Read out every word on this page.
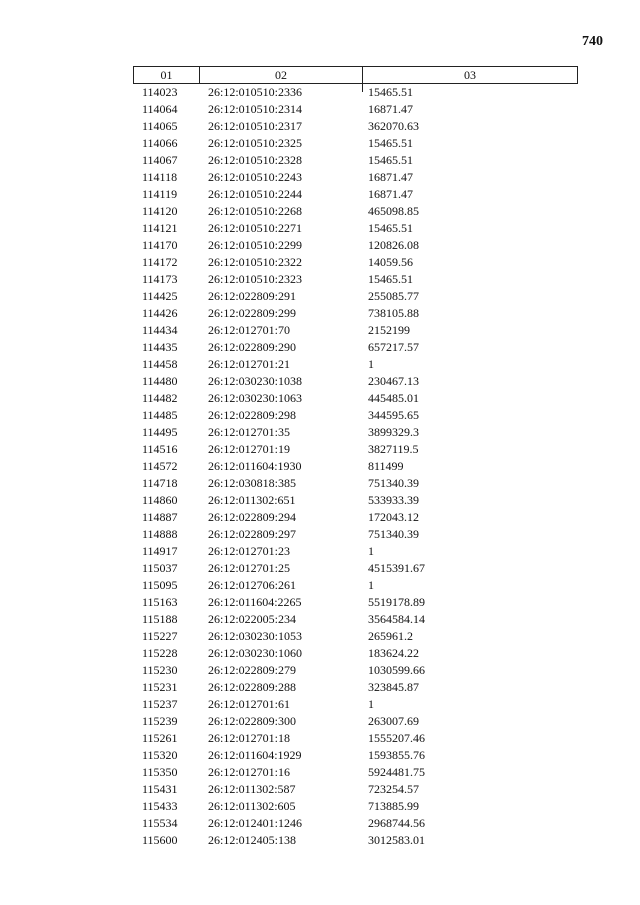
740
01	02	03
114023	26:12:010510:2336	15465.51
114064	26:12:010510:2314	16871.47
114065	26:12:010510:2317	362070.63
114066	26:12:010510:2325	15465.51
114067	26:12:010510:2328	15465.51
114118	26:12:010510:2243	16871.47
114119	26:12:010510:2244	16871.47
114120	26:12:010510:2268	465098.85
114121	26:12:010510:2271	15465.51
114170	26:12:010510:2299	120826.08
114172	26:12:010510:2322	14059.56
114173	26:12:010510:2323	15465.51
114425	26:12:022809:291	255085.77
114426	26:12:022809:299	738105.88
114434	26:12:012701:70	2152199
114435	26:12:022809:290	657217.57
114458	26:12:012701:21	1
114480	26:12:030230:1038	230467.13
114482	26:12:030230:1063	445485.01
114485	26:12:022809:298	344595.65
114495	26:12:012701:35	3899329.3
114516	26:12:012701:19	3827119.5
114572	26:12:011604:1930	811499
114718	26:12:030818:385	751340.39
114860	26:12:011302:651	533933.39
114887	26:12:022809:294	172043.12
114888	26:12:022809:297	751340.39
114917	26:12:012701:23	1
115037	26:12:012701:25	4515391.67
115095	26:12:012706:261	1
115163	26:12:011604:2265	5519178.89
115188	26:12:022005:234	3564584.14
115227	26:12:030230:1053	265961.2
115228	26:12:030230:1060	183624.22
115230	26:12:022809:279	1030599.66
115231	26:12:022809:288	323845.87
115237	26:12:012701:61	1
115239	26:12:022809:300	263007.69
115261	26:12:012701:18	1555207.46
115320	26:12:011604:1929	1593855.76
115350	26:12:012701:16	5924481.75
115431	26:12:011302:587	723254.57
115433	26:12:011302:605	713885.99
115534	26:12:012401:1246	2968744.56
115600	26:12:012405:138	3012583.01
